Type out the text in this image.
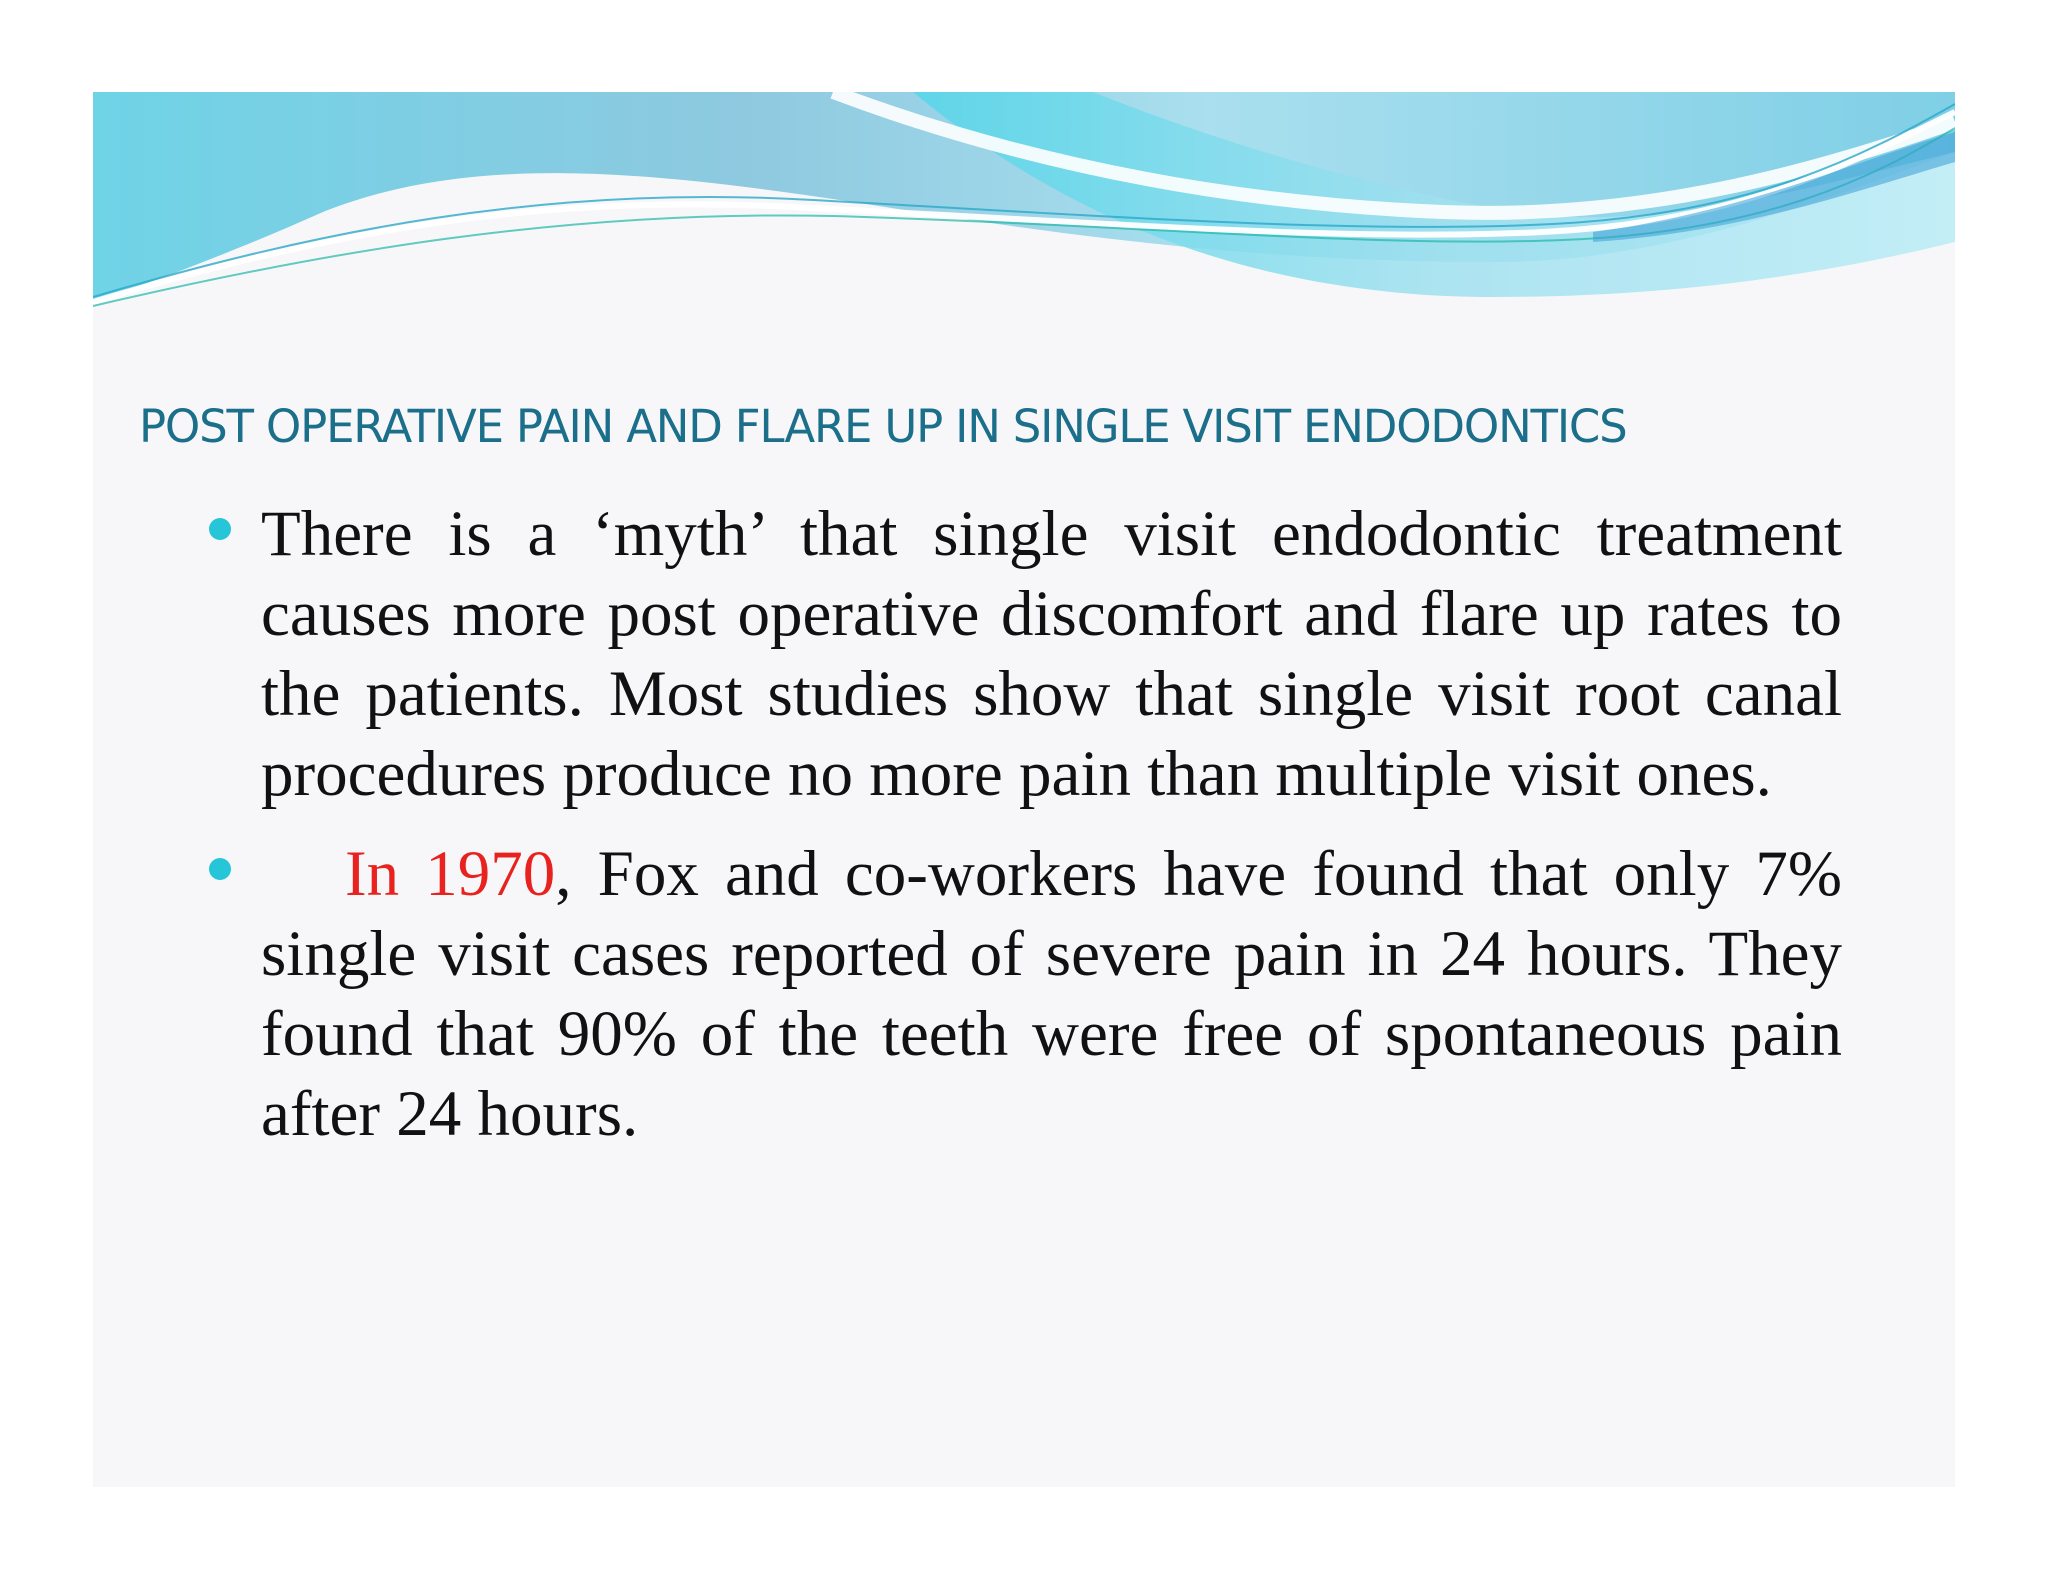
POST OPERATIVE PAIN AND FLARE UP IN SINGLE VISIT ENDODONTICS
There is a ‘myth’ that single visit endodontic treatment causes more post operative discomfort and flare up rates to the patients. Most studies show that single visit root canal procedures produce no more pain than multiple visit ones.
In 1970, Fox and co-workers have found that only 7% single visit cases reported of severe pain in 24 hours. They found that 90% of the teeth were free of spontaneous pain after 24 hours.
